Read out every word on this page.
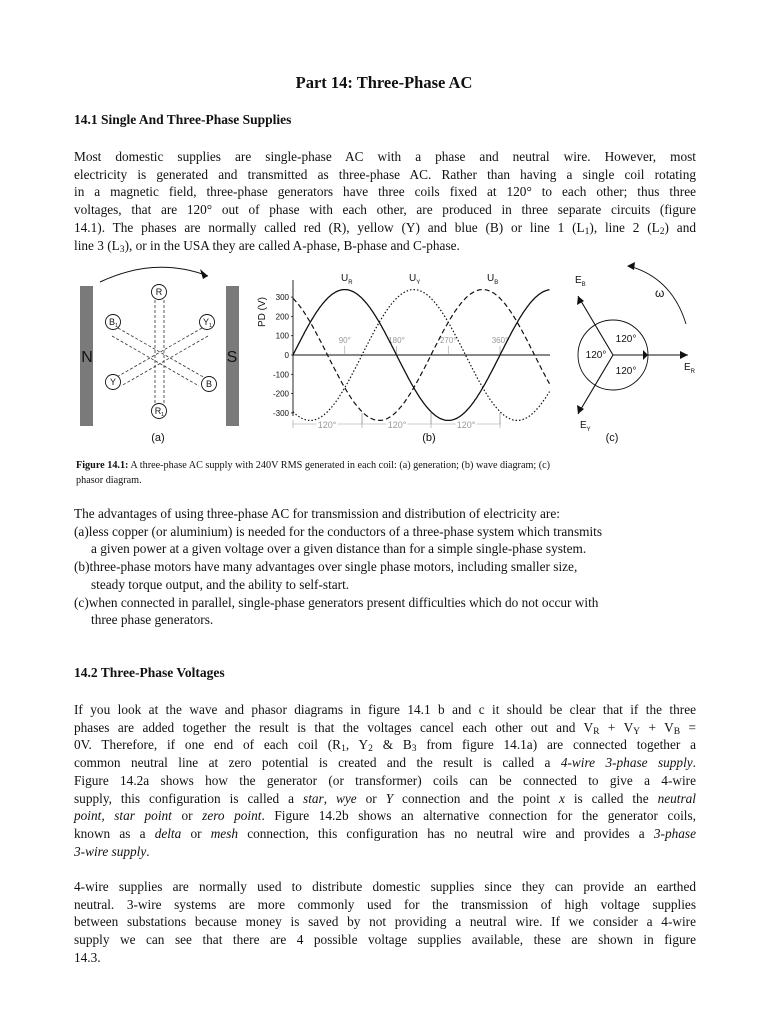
Part 14: Three-Phase AC
14.1 Single And Three-Phase Supplies
Most domestic supplies are single-phase AC with a phase and neutral wire. However, most
electricity is generated and transmitted as three-phase AC. Rather than having a single coil rotating
in a magnetic field, three-phase generators have three coils fixed at 120° to each other; thus three
voltages, that are 120° out of phase with each other, are produced in three separate circuits (figure
14.1). The phases are normally called red (R), yellow (Y) and blue (B) or line 1 $(L_1)$, line 2 $(L_2)$ and
line 3 $(L_3)$, or in the USA they are called A-phase, B-phase and C-phase.
N	S
R
B	Y
Y	B
R
1	1
1
(a)
PD (V) 300
200
100
0
-100
-200
-300
90°	180°	270°	360°
$U_R$	$U_Y$	$U_B$
120°	120°	120°
(b)
120°
120°
120°
$E_B$
$E_R$
$E_Y$
ω
(c)
Figure 14.1: A three-phase AC supply with 240V RMS generated in each coil: (a) generation; (b) wave diagram; (c)
phasor diagram.
The advantages of using three-phase AC for transmission and distribution of electricity are:
(a)less copper (or aluminium) is needed for the conductors of a three-phase system which transmits
a given power at a given voltage over a given distance than for a simple single-phase system.
(b)three-phase motors have many advantages over single phase motors, including smaller size,
steady torque output, and the ability to self-start.
(c)when connected in parallel, single-phase generators present difficulties which do not occur with
three phase generators.
14.2 Three-Phase Voltages
If you look at the wave and phasor diagrams in figure 14.1 b and c it should be clear that if the three
phases are added together the result is that the voltages cancel each other out and $V_R + V_Y + V_B$ =
0V. Therefore, if one end of each coil ($R_1$, $Y_2$ & $B_3$ from figure 14.1a) are connected together a
common neutral line at zero potential is created and the result is called a 4-wire 3-phase supply.
Figure 14.2a shows how the generator (or transformer) coils can be connected to give a 4-wire
supply, this configuration is called a star, wye or Y connection and the point x is called the neutral
point, star point or zero point. Figure 14.2b shows an alternative connection for the generator coils,
known as a delta or mesh connection, this configuration has no neutral wire and provides a 3-phase
3-wire supply.
4-wire supplies are normally used to distribute domestic supplies since they can provide an earthed
neutral. 3-wire systems are more commonly used for the transmission of high voltage supplies
between substations because money is saved by not providing a neutral wire. If we consider a 4-wire
supply we can see that there are 4 possible voltage supplies available, these are shown in figure
14.3.
